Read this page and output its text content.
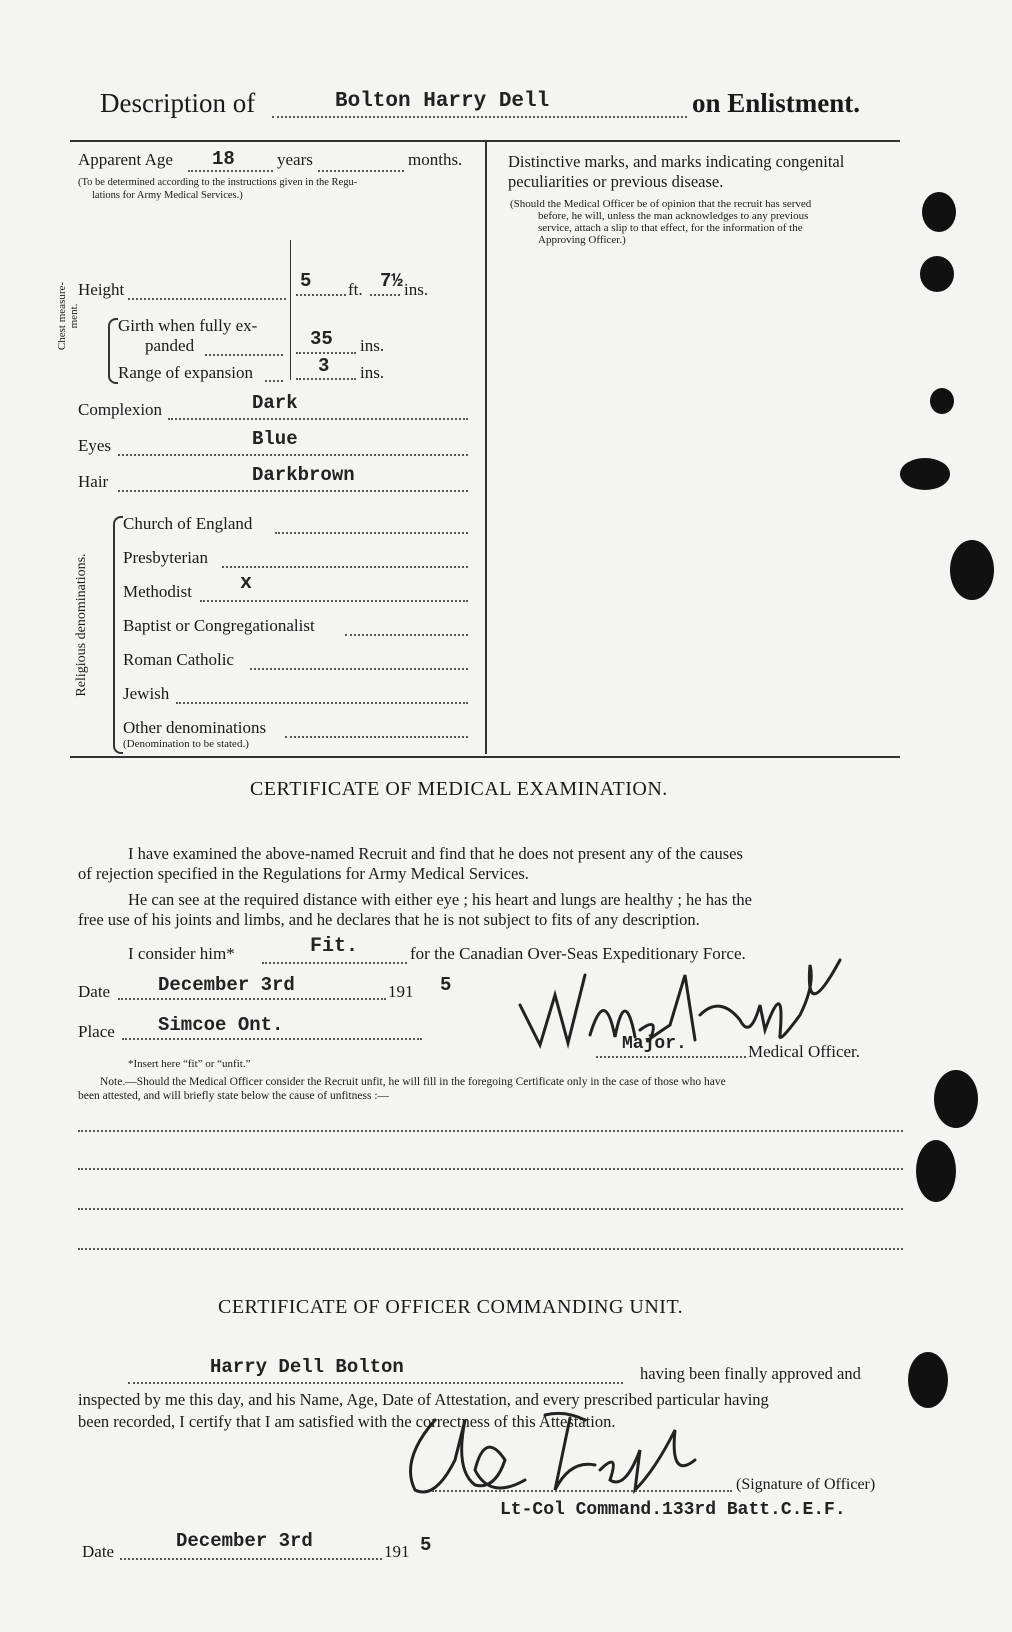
Description of	Bolton Harry Dell	on Enlistment.
Apparent Age 18 years	months.
(To be determined according to the instructions given in the Regu-
lations for Army Medical Services.)
Height	5 ft. 7½ ins.
Chest measure-ment. Girth when fully ex-
panded	35 ins.
Range of expansion	3 ins.
Complexion	Dark
Eyes	Blue
Hair	Darkbrown
Religious denominations.
Church of England
Presbyterian
Methodist x
Baptist or Congregationalist
Roman Catholic
Jewish
Other denominations
(Denomination to be stated.)
Distinctive marks, and marks indicating congenital
peculiarities or previous disease.
(Should the Medical Officer be of opinion that the recruit has served
before, he will, unless the man acknowledges to any previous
service, attach a slip to that effect, for the information of the
Approving Officer.)
CERTIFICATE OF MEDICAL EXAMINATION.
I have examined the above-named Recruit and find that he does not present any of the causes
of rejection specified in the Regulations for Army Medical Services.
He can see at the required distance with either eye ; his heart and lungs are healthy ; he has the
free use of his joints and limbs, and he declares that he is not subject to fits of any description.
I consider him*	Fit.	for the Canadian Over-Seas Expeditionary Force.
Date	December 3rd	191 5
Place Simcoe Ont.
Major.	Medical Officer.
*Insert here “fit” or “unfit.”
Note.—Should the Medical Officer consider the Recruit unfit, he will fill in the foregoing Certificate only in the case of those who have
been attested, and will briefly state below the cause of unfitness :—
CERTIFICATE OF OFFICER COMMANDING UNIT.
Harry Dell Bolton	having been finally approved and
inspected by me this day, and his Name, Age, Date of Attestation, and every prescribed particular having
been recorded, I certify that I am satisfied with the correctness of this Attestation.
(Signature of Officer)
Lt-Col Command.133rd Batt.C.E.F.
Date	December 3rd	191 5
